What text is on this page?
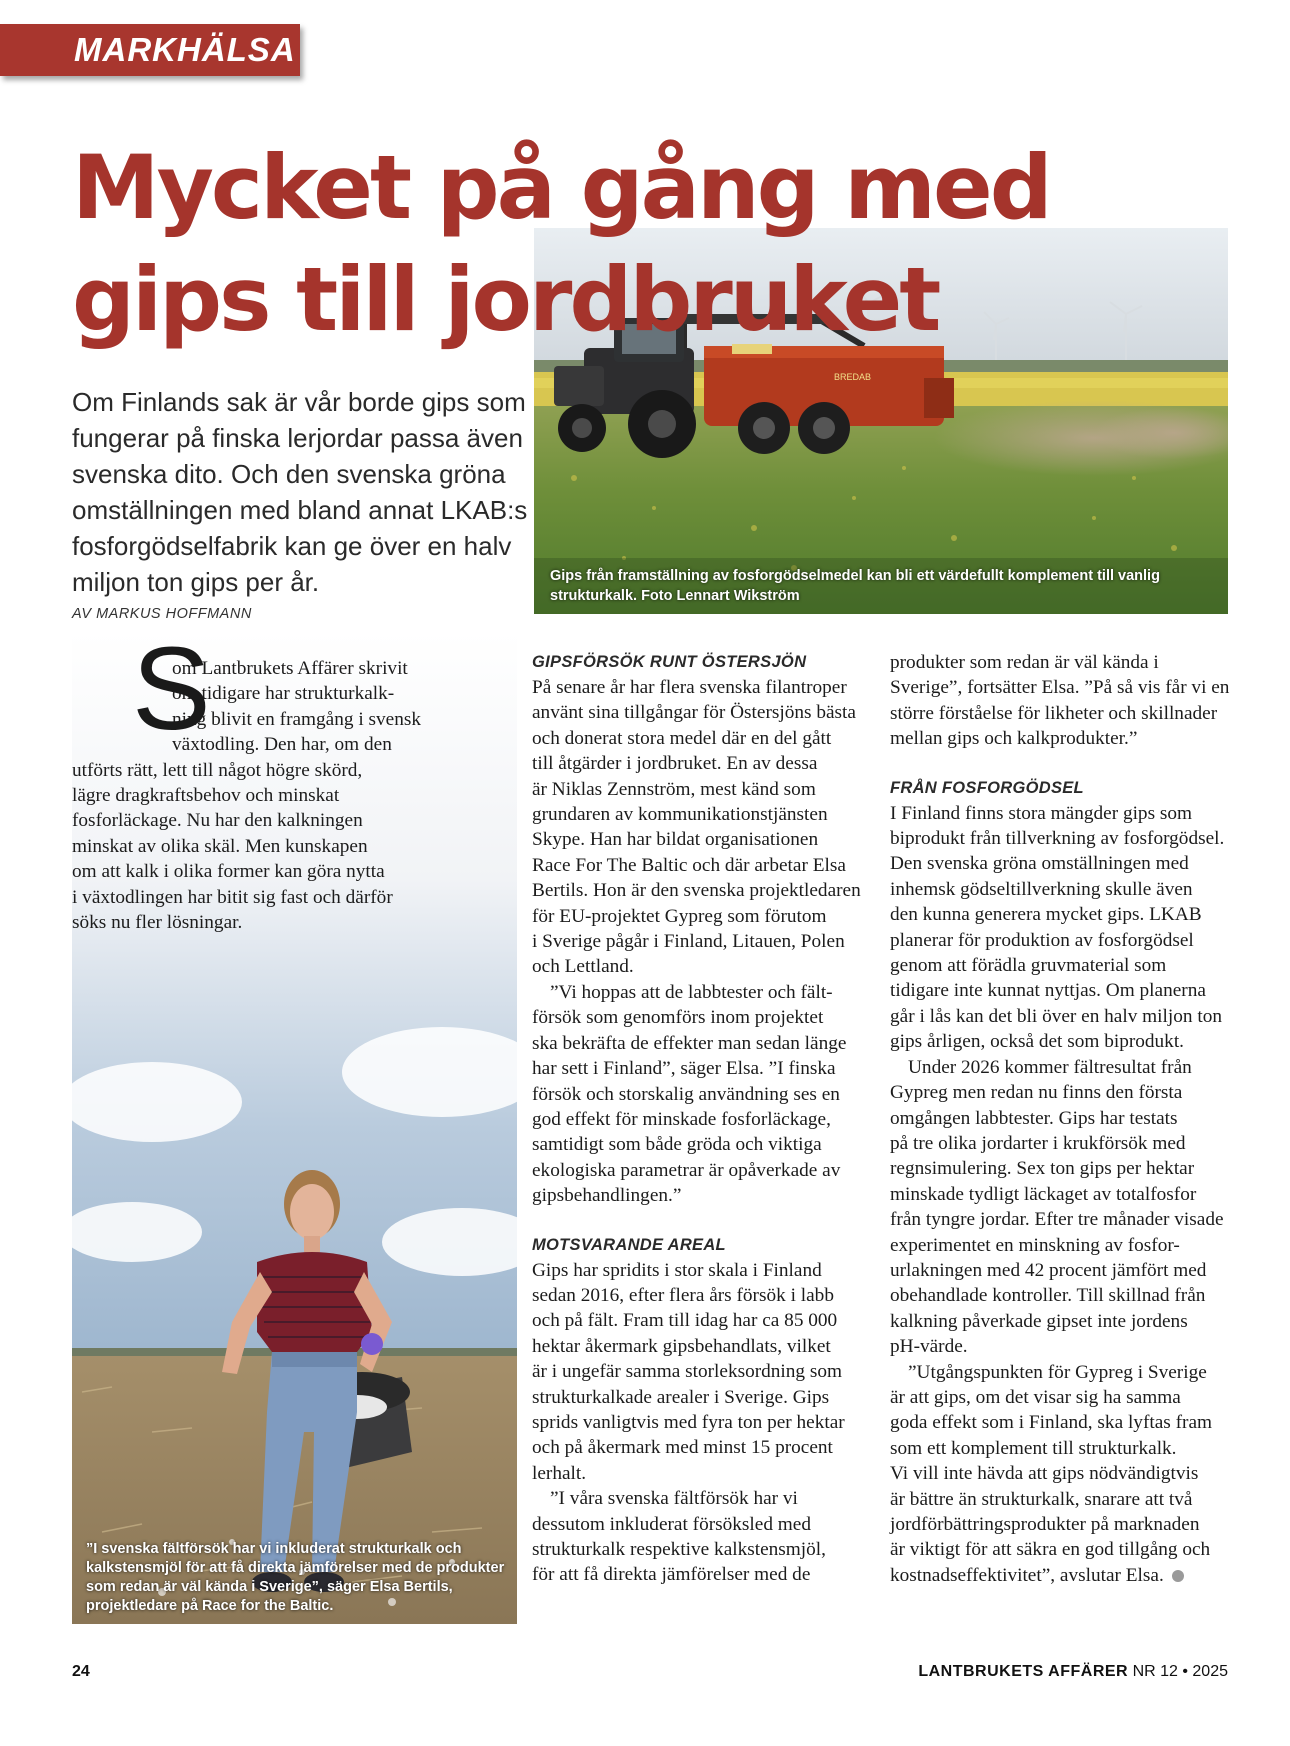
MARKHÄLSA
BREDAB
Gips från framställning av fosforgödselmedel kan bli ett värdefullt komplement till vanlig strukturkalk. Foto Lennart Wikström
Mycket på gång med gips till jordbruket

Om Finlands sak är vår borde gips som fungerar på finska lerjordar passa även svenska dito. Och den svenska gröna omställningen med bland annat LKAB:s fosforgödselfabrik kan ge över en halv miljon ton gips per år.

AV MARKUS HOFFMANN
S
om Lantbrukets Affärer skrivit
om tidigare har strukturkalk-
ning blivit en framgång i svensk
växtodling. Den har, om den
utförts rätt, lett till något högre skörd,
lägre dragkraftsbehov och minskat
fosforläckage. Nu har den kalkningen
minskat av olika skäl. Men kunskapen
om att kalk i olika former kan göra nytta
i växtodlingen har bitit sig fast och därför
söks nu fler lösningar.
”I svenska fältförsök har vi inkluderat strukturkalk och kalkstensmjöl för att få direkta jämförelser med de produkter som redan är väl kända i Sverige”, säger Elsa Bertils, projektledare på Race for the Baltic.
GIPSFÖRSÖK RUNT ÖSTERSJÖN
På senare år har flera svenska filantroper
använt sina tillgångar för Östersjöns bästa
och donerat stora medel där en del gått
till åtgärder i jordbruket. En av dessa
är Niklas Zennström, mest känd som
grundaren av kommunikationstjänsten
Skype. Han har bildat organisationen
Race For The Baltic och där arbetar Elsa
Bertils. Hon är den svenska projektledaren
för EU-projektet Gypreg som förutom
i Sverige pågår i Finland, Litauen, Polen
och Lettland.
”Vi hoppas att de labbtester och fält-
försök som genomförs inom projektet
ska bekräfta de effekter man sedan länge
har sett i Finland”, säger Elsa. ”I finska
försök och storskalig användning ses en
god effekt för minskade fosforläckage,
samtidigt som både gröda och viktiga
ekologiska parametrar är opåverkade av
gipsbehandlingen.”
MOTSVARANDE AREAL
Gips har spridits i stor skala i Finland
sedan 2016, efter flera års försök i labb
och på fält. Fram till idag har ca 85 000
hektar åkermark gipsbehandlats, vilket
är i ungefär samma storleksordning som
strukturkalkade arealer i Sverige. Gips
sprids vanligtvis med fyra ton per hektar
och på åkermark med minst 15 procent
lerhalt.
”I våra svenska fältförsök har vi
dessutom inkluderat försöksled med
strukturkalk respektive kalkstensmjöl,
för att få direkta jämförelser med de
produkter som redan är väl kända i
Sverige”, fortsätter Elsa. ”På så vis får vi en
större förståelse för likheter och skillnader
mellan gips och kalkprodukter.”
FRÅN FOSFORGÖDSEL
I Finland finns stora mängder gips som
biprodukt från tillverkning av fosforgödsel.
Den svenska gröna omställningen med
inhemsk gödseltillverkning skulle även
den kunna generera mycket gips. LKAB
planerar för produktion av fosforgödsel
genom att förädla gruvmaterial som
tidigare inte kunnat nyttjas. Om planerna
går i lås kan det bli över en halv miljon ton
gips årligen, också det som biprodukt.
Under 2026 kommer fältresultat från
Gypreg men redan nu finns den första
omgången labbtester. Gips har testats
på tre olika jordarter i krukförsök med
regnsimulering. Sex ton gips per hektar
minskade tydligt läckaget av totalfosfor
från tyngre jordar. Efter tre månader visade
experimentet en minskning av fosfor-
urlakningen med 42 procent jämfört med
obehandlade kontroller. Till skillnad från
kalkning påverkade gipset inte jordens
pH-värde.
”Utgångspunkten för Gypreg i Sverige
är att gips, om det visar sig ha samma
goda effekt som i Finland, ska lyftas fram
som ett komplement till strukturkalk.
Vi vill inte hävda att gips nödvändigtvis
är bättre än strukturkalk, snarare att två
jordförbättringsprodukter på marknaden
är viktigt för att säkra en god tillgång och
kostnadseffektivitet”, avslutar Elsa.
24	LANTBRUKETS AFFÄRER NR 12 • 2025
